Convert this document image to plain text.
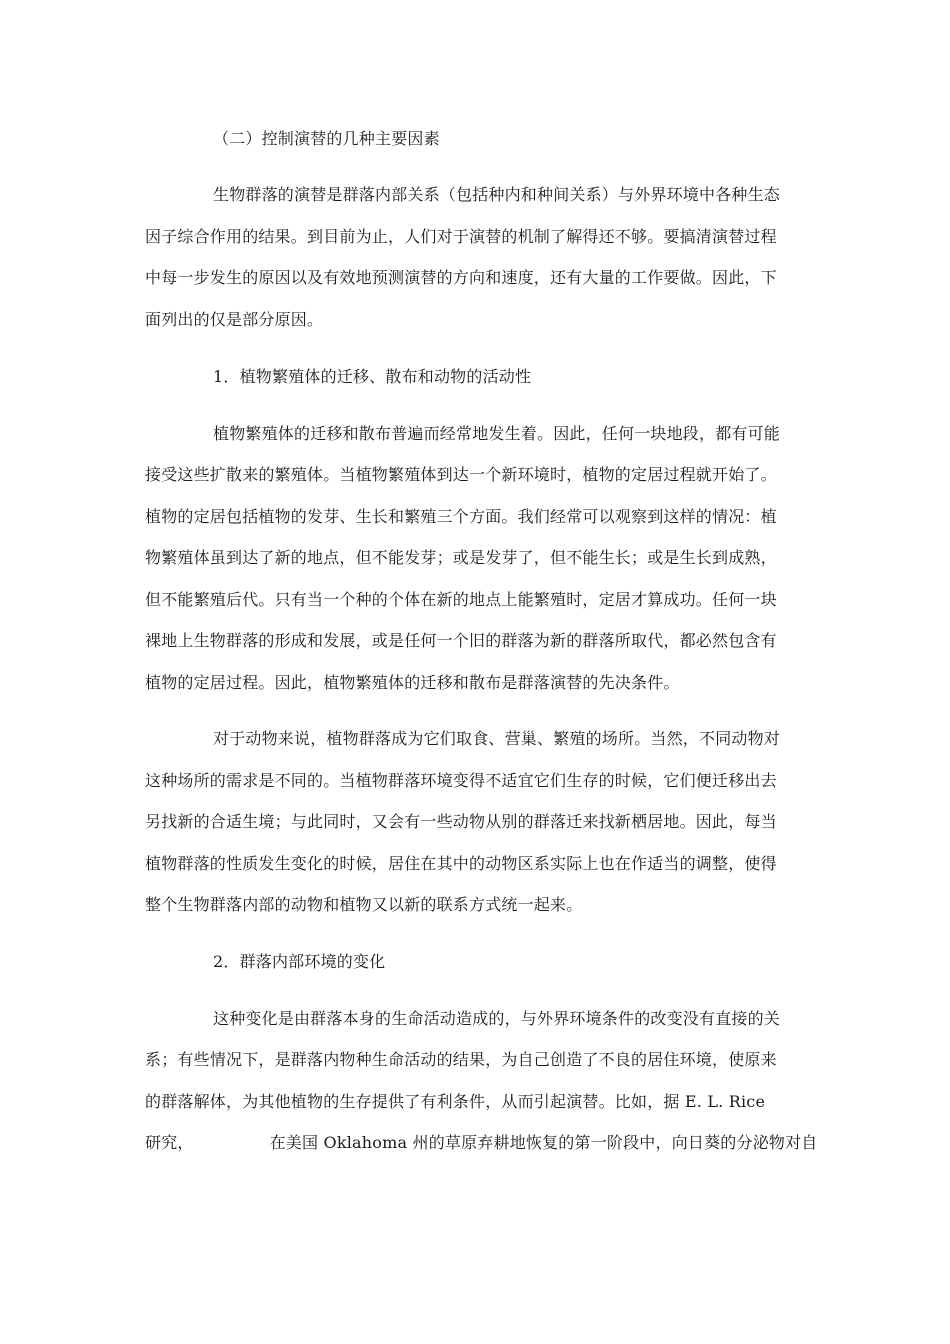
（二）控制演替的几种主要因素
生物群落的演替是群落内部关系（包括种内和种间关系）与外界环境中各种生态
因子综合作用的结果。到目前为止，人们对于演替的机制了解得还不够。要搞清演替过程
中每一步发生的原因以及有效地预测演替的方向和速度，还有大量的工作要做。因此，下
面列出的仅是部分原因。
1．植物繁殖体的迁移、散布和动物的活动性
植物繁殖体的迁移和散布普遍而经常地发生着。因此，任何一块地段，都有可能
接受这些扩散来的繁殖体。当植物繁殖体到达一个新环境时，植物的定居过程就开始了。
植物的定居包括植物的发芽、生长和繁殖三个方面。我们经常可以观察到这样的情况：植
物繁殖体虽到达了新的地点，但不能发芽；或是发芽了，但不能生长；或是生长到成熟，
但不能繁殖后代。只有当一个种的个体在新的地点上能繁殖时，定居才算成功。任何一块
裸地上生物群落的形成和发展，或是任何一个旧的群落为新的群落所取代，都必然包含有
植物的定居过程。因此，植物繁殖体的迁移和散布是群落演替的先决条件。
对于动物来说，植物群落成为它们取食、营巢、繁殖的场所。当然，不同动物对
这种场所的需求是不同的。当植物群落环境变得不适宜它们生存的时候，它们便迁移出去
另找新的合适生境；与此同时，又会有一些动物从别的群落迁来找新栖居地。因此，每当
植物群落的性质发生变化的时候，居住在其中的动物区系实际上也在作适当的调整，使得
整个生物群落内部的动物和植物又以新的联系方式统一起来。
2．群落内部环境的变化
这种变化是由群落本身的生命活动造成的，与外界环境条件的改变没有直接的关
系；有些情况下，是群落内物种生命活动的结果，为自己创造了不良的居住环境，使原来
的群落解体，为其他植物的生存提供了有利条件，从而引起演替。比如，据 E. L. Rice
研究，	在美国 Oklahoma 州的草原弃耕地恢复的第一阶段中，向日葵的分泌物对自
